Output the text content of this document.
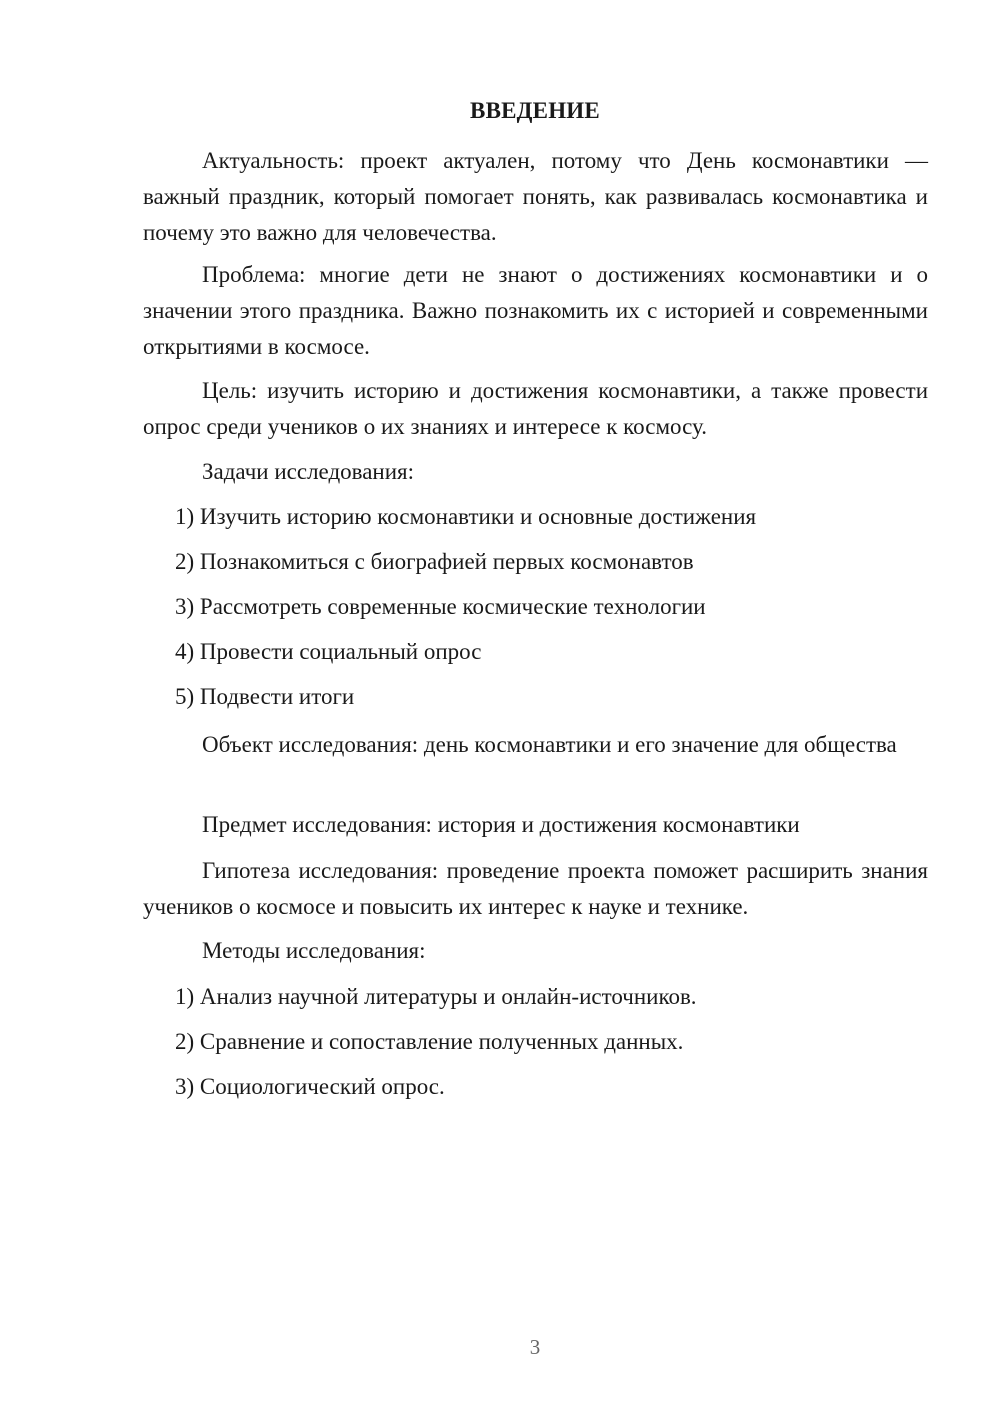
ВВЕДЕНИЕ

Актуальность: проект актуален, потому что День космонавтики — важный праздник, который помогает понять, как развивалась космонавтика и почему это важно для человечества.

Проблема: многие дети не знают о достижениях космонавтики и о значении этого праздника. Важно познакомить их с историей и современными открытиями в космосе.

Цель: изучить историю и достижения космонавтики, а также провести опрос среди учеников о их знаниях и интересе к космосу.

Задачи исследования:

1) Изучить историю космонавтики и основные достижения
2) Познакомиться с биографией первых космонавтов
3) Рассмотреть современные космические технологии
4) Провести социальный опрос
5) Подвести итоги

Объект исследования: день космонавтики и его значение для общества

Предмет исследования: история и достижения космонавтики

Гипотеза исследования: проведение проекта поможет расширить знания учеников о космосе и повысить их интерес к науке и технике.

Методы исследования:

1) Анализ научной литературы и онлайн-источников.
2) Сравнение и сопоставление полученных данных.
3) Социологический опрос.
3
